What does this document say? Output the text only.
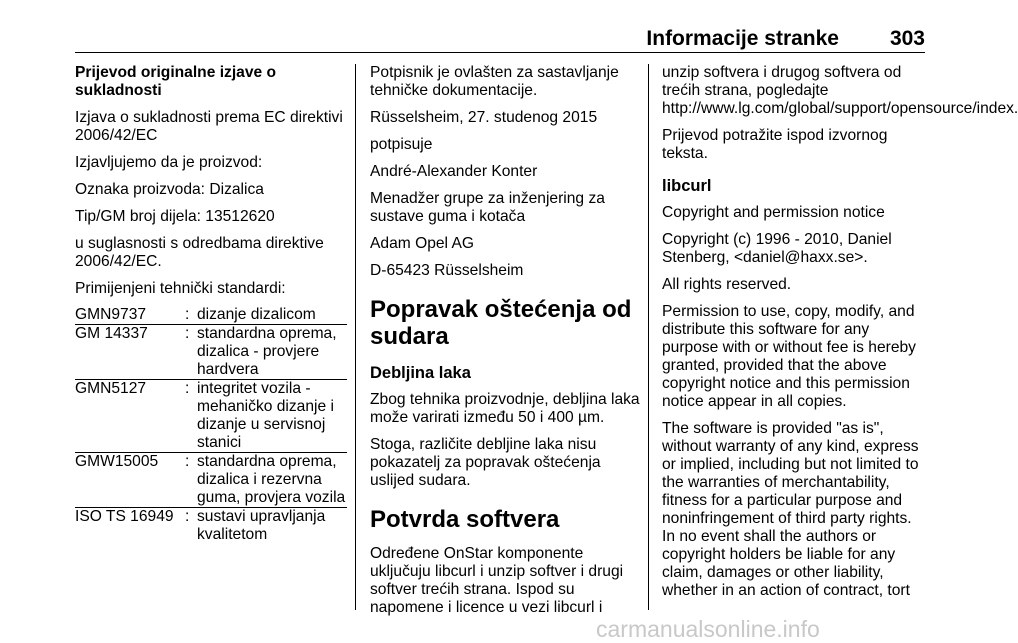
Informacije stranke 303

Prijevod originalne izjave o sukladnosti

Izjava o sukladnosti prema EC direktivi 2006/42/EC

Izjavljujemo da je proizvod:

Oznaka proizvoda: Dizalica

Tip/GM broj dijela: 13512620

u suglasnosti s odredbama direktive 2006/42/EC.

Primijenjeni tehnički standardi:

GMN9737	:	dizanje dizalicom
GM 14337	:	standardna oprema, dizalica - provjere hardvera
GMN5127	:	integritet vozila - mehaničko dizanje i dizanje u servisnoj stanici
GMW15005	:	standardna oprema, dizalica i rezervna guma, provjera vozila
ISO TS 16949	:	sustavi upravljanja kvalitetom

Potpisnik je ovlašten za sastavljanje tehničke dokumentacije.

Rüsselsheim, 27. studenog 2015

potpisuje

André-Alexander Konter

Menadžer grupe za inženjering za sustave guma i kotača

Adam Opel AG

D-65423 Rüsselsheim

Popravak oštećenja od sudara
Debljina laka

Zbog tehnika proizvodnje, debljina laka može varirati između 50 i 400 µm.

Stoga, različite debljine laka nisu pokazatelj za popravak oštećenja uslijed sudara.

Potvrda softvera

Određene OnStar komponente uključuju libcurl i unzip softver i drugi softver trećih strana. Ispod su napomene i licence u vezi libcurl i

unzip softvera i drugog softvera od trećih strana, pogledajte http://www.lg.com/global/support/opensource/index.

Prijevod potražite ispod izvornog teksta.

libcurl

Copyright and permission notice

Copyright (c) 1996 - 2010, Daniel Stenberg, <daniel@haxx.se>.

All rights reserved.

Permission to use, copy, modify, and distribute this software for any purpose with or without fee is hereby granted, provided that the above copyright notice and this permission notice appear in all copies.

The software is provided "as is", without warranty of any kind, express or implied, including but not limited to the warranties of merchantability, fitness for a particular purpose and noninfringement of third party rights. In no event shall the authors or copyright holders be liable for any claim, damages or other liability, whether in an action of contract, tort

carmanualsonline.info
